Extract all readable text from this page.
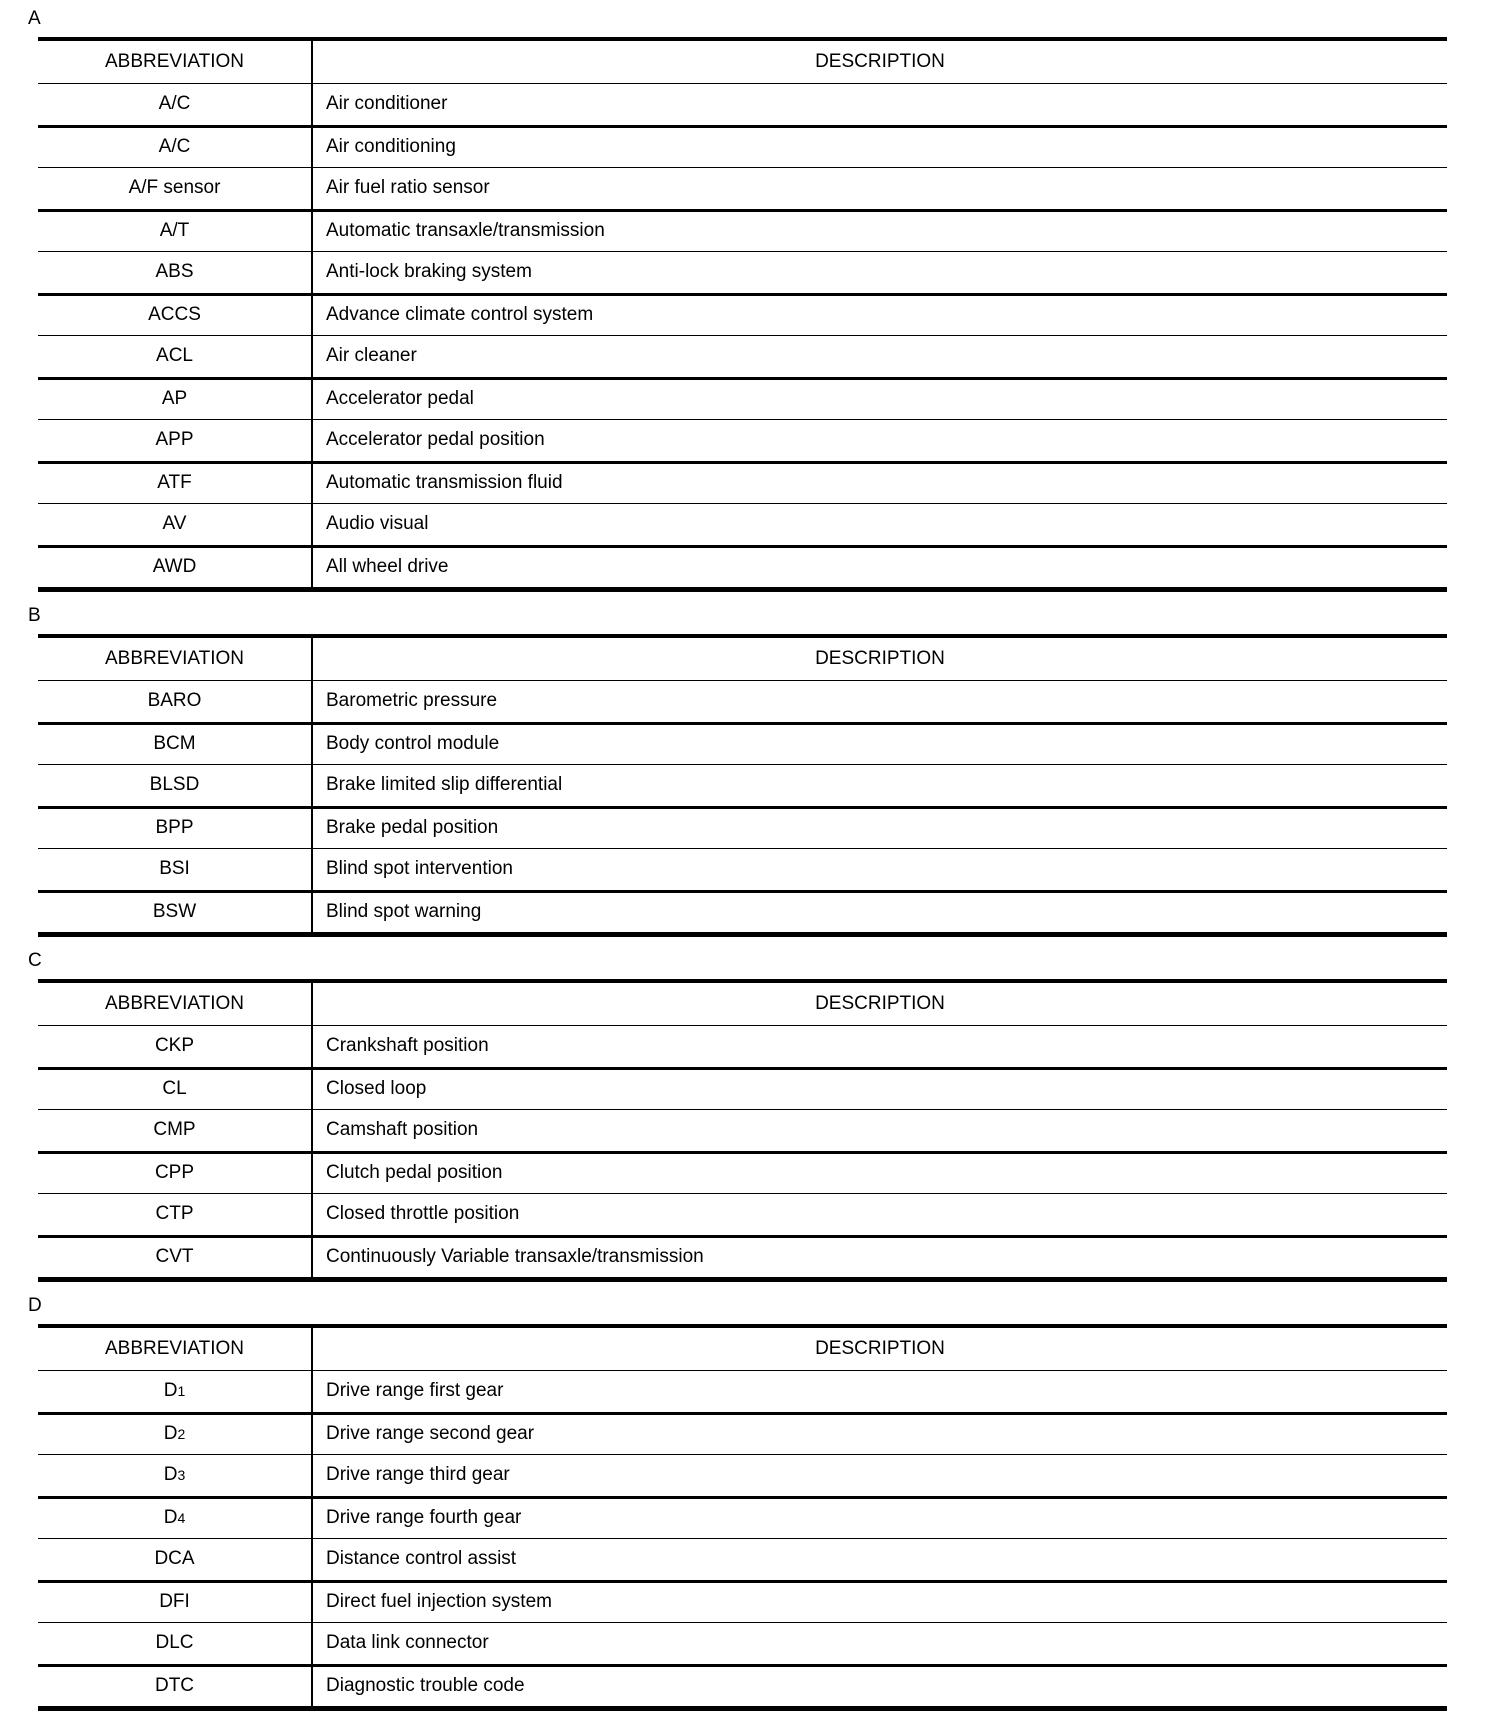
A
ABBREVIATION	DESCRIPTION
A/C	Air conditioner
A/C	Air conditioning
A/F sensor	Air fuel ratio sensor
A/T	Automatic transaxle/transmission
ABS	Anti-lock braking system
ACCS	Advance climate control system
ACL	Air cleaner
AP	Accelerator pedal
APP	Accelerator pedal position
ATF	Automatic transmission fluid
AV	Audio visual
AWD	All wheel drive
B
ABBREVIATION	DESCRIPTION
BARO	Barometric pressure
BCM	Body control module
BLSD	Brake limited slip differential
BPP	Brake pedal position
BSI	Blind spot intervention
BSW	Blind spot warning
C
ABBREVIATION	DESCRIPTION
CKP	Crankshaft position
CL	Closed loop
CMP	Camshaft position
CPP	Clutch pedal position
CTP	Closed throttle position
CVT	Continuously Variable transaxle/transmission
D
ABBREVIATION	DESCRIPTION
D1	Drive range first gear
D2	Drive range second gear
D3	Drive range third gear
D4	Drive range fourth gear
DCA	Distance control assist
DFI	Direct fuel injection system
DLC	Data link connector
DTC	Diagnostic trouble code
